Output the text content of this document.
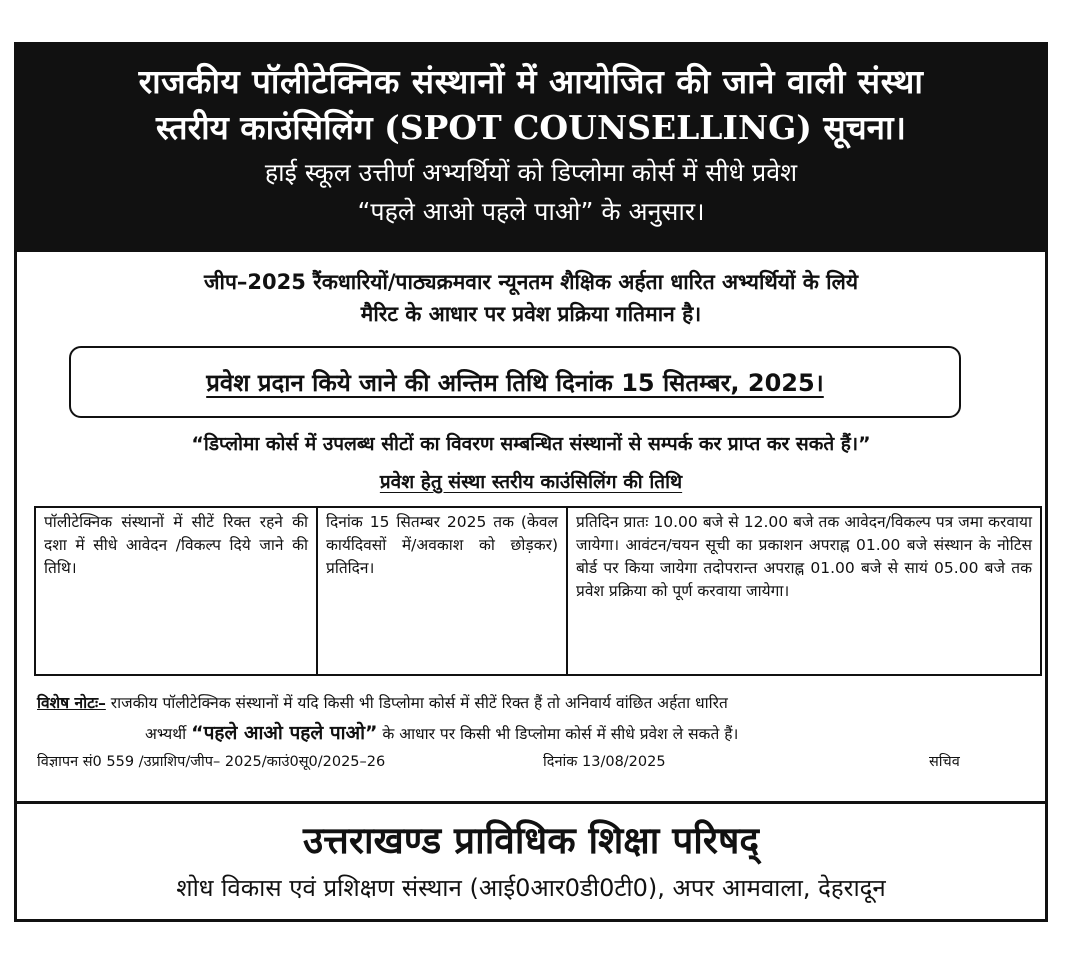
राजकीय पॉलीटेक्निक संस्थानों में आयोजित की जाने वाली संस्था
स्तरीय काउंसिलिंग (SPOT COUNSELLING) सूचना।
हाई स्कूल उत्तीर्ण अभ्यर्थियों को डिप्लोमा कोर्स में सीधे प्रवेश
“पहले आओ पहले पाओ” के अनुसार।
जीप–2025 रैंकधारियों/पाठ्यक्रमवार न्यूनतम शैक्षिक अर्हता धारित अभ्यर्थियों के लिये
मैरिट के आधार पर प्रवेश प्रक्रिया गतिमान है।
प्रवेश प्रदान किये जाने की अन्तिम तिथि दिनांक 15 सितम्बर, 2025।
“डिप्लोमा कोर्स में उपलब्ध सीटों का विवरण सम्बन्धित संस्थानों से सम्पर्क कर प्राप्त कर सकते हैं।”
प्रवेश हेतु संस्था स्तरीय काउंसिलिंग की तिथि
पॉलीटेक्निक संस्थानों में सीटें रिक्त रहने की दशा में सीधे आवेदन /विकल्प दिये जाने की तिथि।	दिनांक 15 सितम्बर 2025 तक (केवल कार्यदिवसों में/अवकाश को छोड़कर) प्रतिदिन।	प्रतिदिन प्रातः 10.00 बजे से 12.00 बजे तक आवेदन/विकल्प पत्र जमा करवाया जायेगा। आवंटन/चयन सूची का प्रकाशन अपराह्न 01.00 बजे संस्थान के नोटिस बोर्ड पर किया जायेगा तदोपरान्त अपराह्न 01.00 बजे से सायं 05.00 बजे तक प्रवेश प्रक्रिया को पूर्ण करवाया जायेगा।
विशेष नोटः– राजकीय पॉलीटेक्निक संस्थानों में यदि किसी भी डिप्लोमा कोर्स में सीटें रिक्त हैं तो अनिवार्य वांछित अर्हता धारित
अभ्यर्थी “पहले आओ पहले पाओ” के आधार पर किसी भी डिप्लोमा कोर्स में सीधे प्रवेश ले सकते हैं।
विज्ञापन सं0 559 /उप्राशिप/जीप– 2025/काउं0सू0/2025–26	दिनांक 13/08/2025	सचिव
उत्तराखण्ड प्राविधिक शिक्षा परिषद्
शोध विकास एवं प्रशिक्षण संस्थान (आई0आर0डी0टी0), अपर आमवाला, देहरादून
